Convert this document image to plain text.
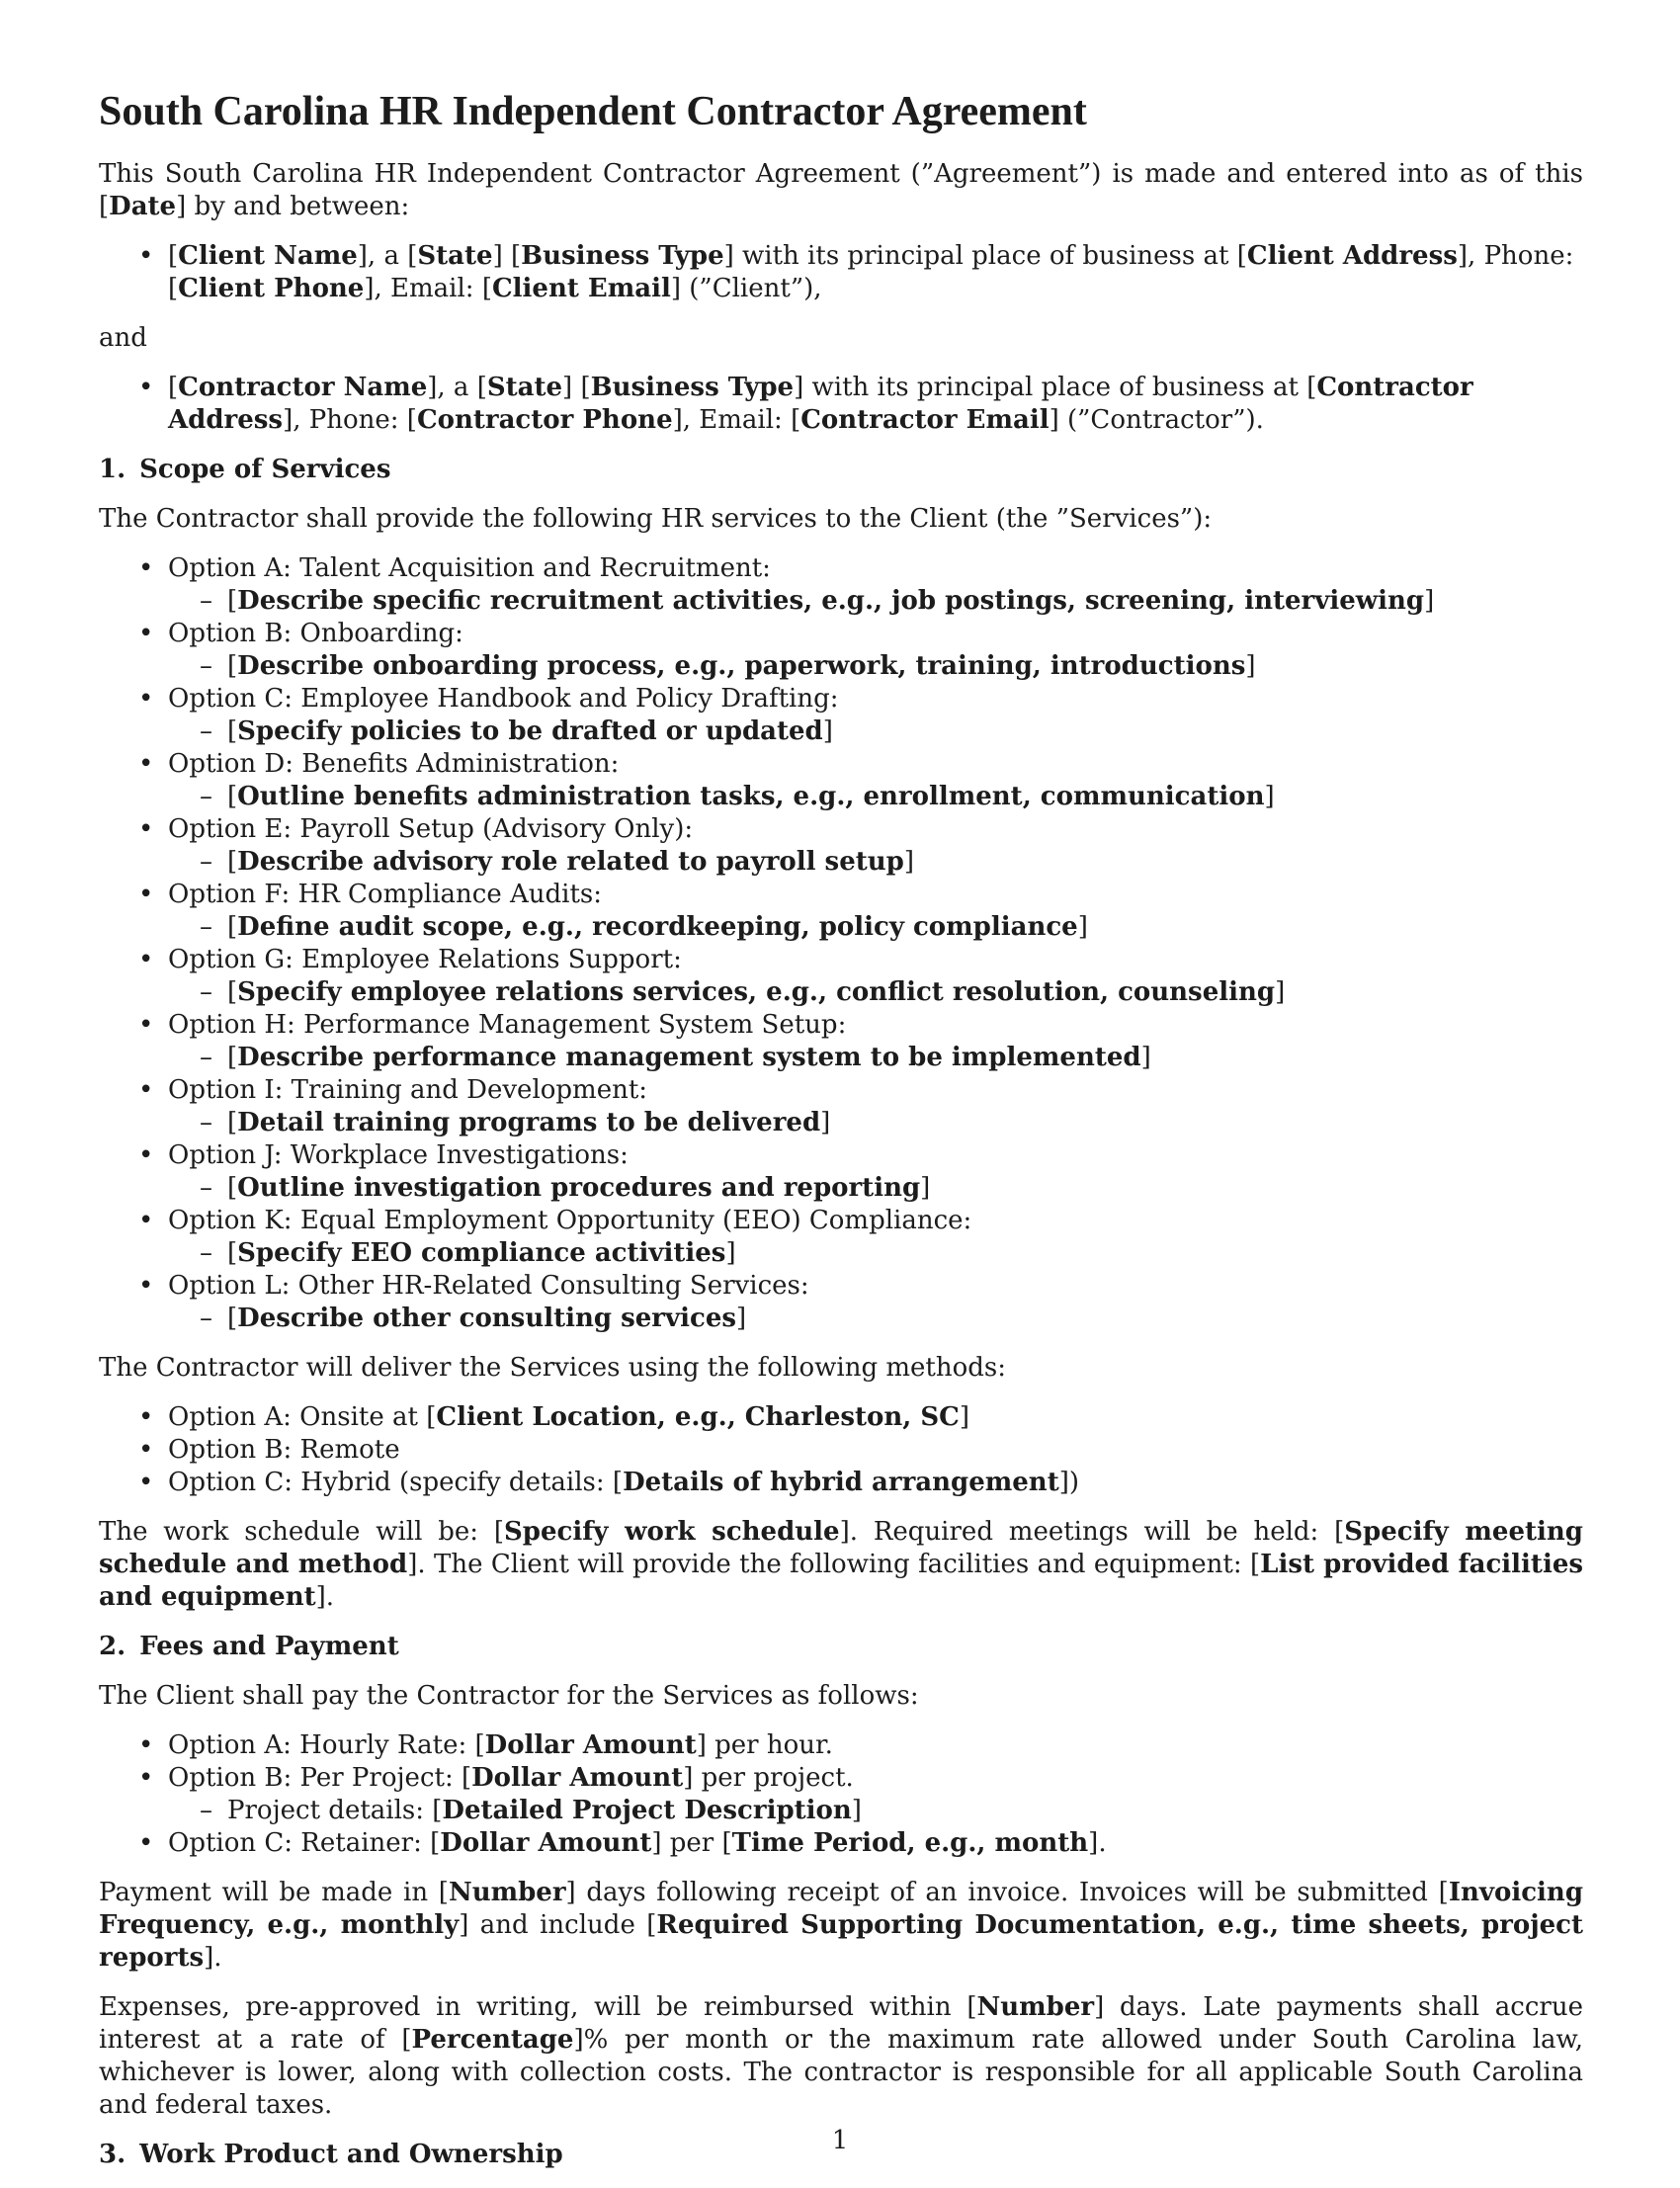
South Carolina HR Independent Contractor Agreement

This South Carolina HR Independent Contractor Agreement (”Agreement”) is made and entered into as of this [Date] by and between:

• [Client Name], a [State] [Business Type] with its principal place of business at [Client Address], Phone: [Client Phone], Email: [Client Email] (”Client”),

and

• [Contractor Name], a [State] [Business Type] with its principal place of business at [Contractor Address], Phone: [Contractor Phone], Email: [Contractor Email] (”Contractor”).
1. Scope of Services

The Contractor shall provide the following HR services to the Client (the ”Services”):

• Option A: Talent Acquisition and Recruitment:
– [Describe specific recruitment activities, e.g., job postings, screening, interviewing]
• Option B: Onboarding:
– [Describe onboarding process, e.g., paperwork, training, introductions]
• Option C: Employee Handbook and Policy Drafting:
– [Specify policies to be drafted or updated]
• Option D: Benefits Administration:
– [Outline benefits administration tasks, e.g., enrollment, communication]
• Option E: Payroll Setup (Advisory Only):
– [Describe advisory role related to payroll setup]
• Option F: HR Compliance Audits:
– [Define audit scope, e.g., recordkeeping, policy compliance]
• Option G: Employee Relations Support:
– [Specify employee relations services, e.g., conflict resolution, counseling]
• Option H: Performance Management System Setup:
– [Describe performance management system to be implemented]
• Option I: Training and Development:
– [Detail training programs to be delivered]
• Option J: Workplace Investigations:
– [Outline investigation procedures and reporting]
• Option K: Equal Employment Opportunity (EEO) Compliance:
– [Specify EEO compliance activities]
• Option L: Other HR-Related Consulting Services:
– [Describe other consulting services]

The Contractor will deliver the Services using the following methods:

• Option A: Onsite at [Client Location, e.g., Charleston, SC]
• Option B: Remote
• Option C: Hybrid (specify details: [Details of hybrid arrangement])

The work schedule will be: [Specify work schedule]. Required meetings will be held: [Specify meeting schedule and method]. The Client will provide the following facilities and equipment: [List provided facilities and equipment].

2. Fees and Payment

The Client shall pay the Contractor for the Services as follows:

• Option A: Hourly Rate: [Dollar Amount] per hour.
• Option B: Per Project: [Dollar Amount] per project.
– Project details: [Detailed Project Description]
• Option C: Retainer: [Dollar Amount] per [Time Period, e.g., month].

Payment will be made in [Number] days following receipt of an invoice. Invoices will be submitted [Invoicing Frequency, e.g., monthly] and include [Required Supporting Documentation, e.g., time sheets, project reports].

Expenses, pre-approved in writing, will be reimbursed within [Number] days. Late payments shall accrue interest at a rate of [Percentage]% per month or the maximum rate allowed under South Carolina law, whichever is lower, along with collection costs. The contractor is responsible for all applicable South Carolina and federal taxes.

3. Work Product and Ownership	1
